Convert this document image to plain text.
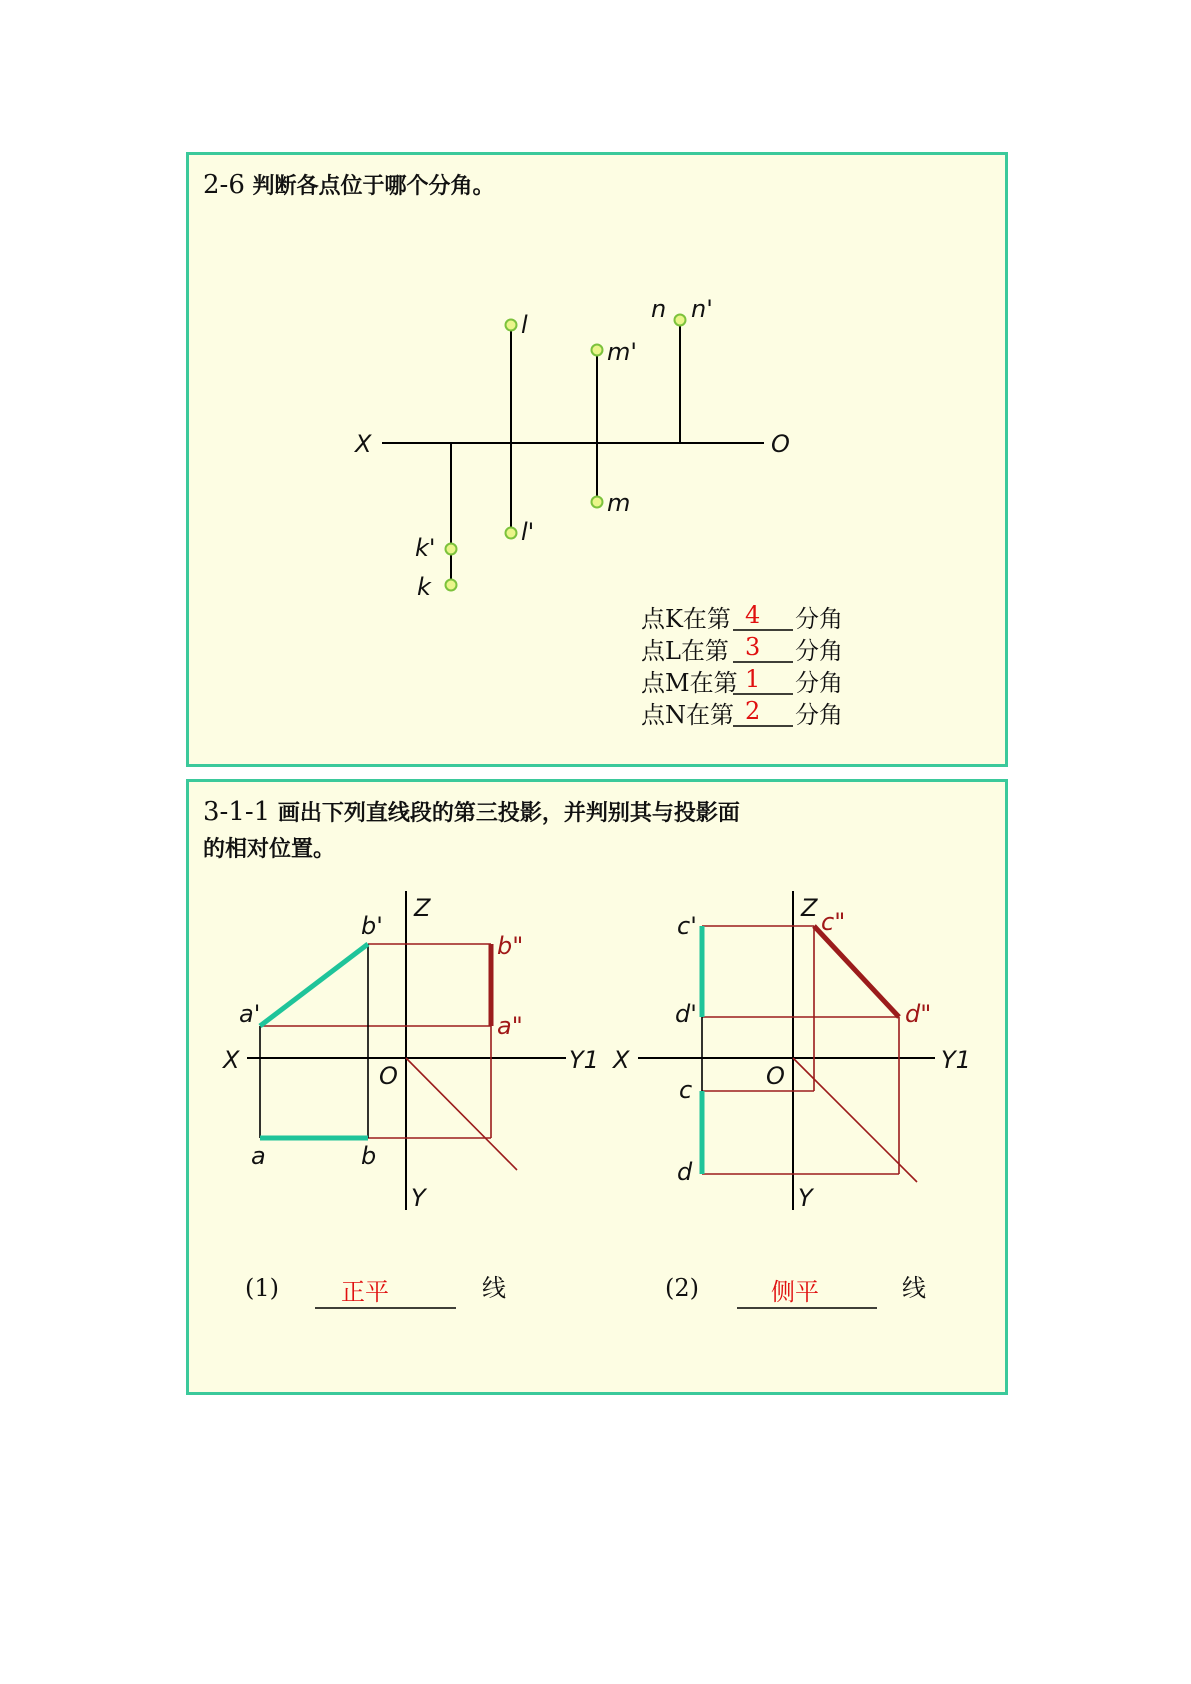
2-6 判断各点位于哪个分角。
X	O
l
l'
m'
m
n n'
k'
k
点K在第 4 分角
点L在第 3 分角
点M在第 1 分角
点N在第 2 分角
3-1-1 画出下列直线段的第三投影，并判别其与投影面
的相对位置。
Z
X	Y1
Y
O
a'
b'
b"
a"
a	b
Z
X	Y1
Y
O
c'
d'
c"
d"
c
d
(1)	正平	线	(2)	侧平	线
